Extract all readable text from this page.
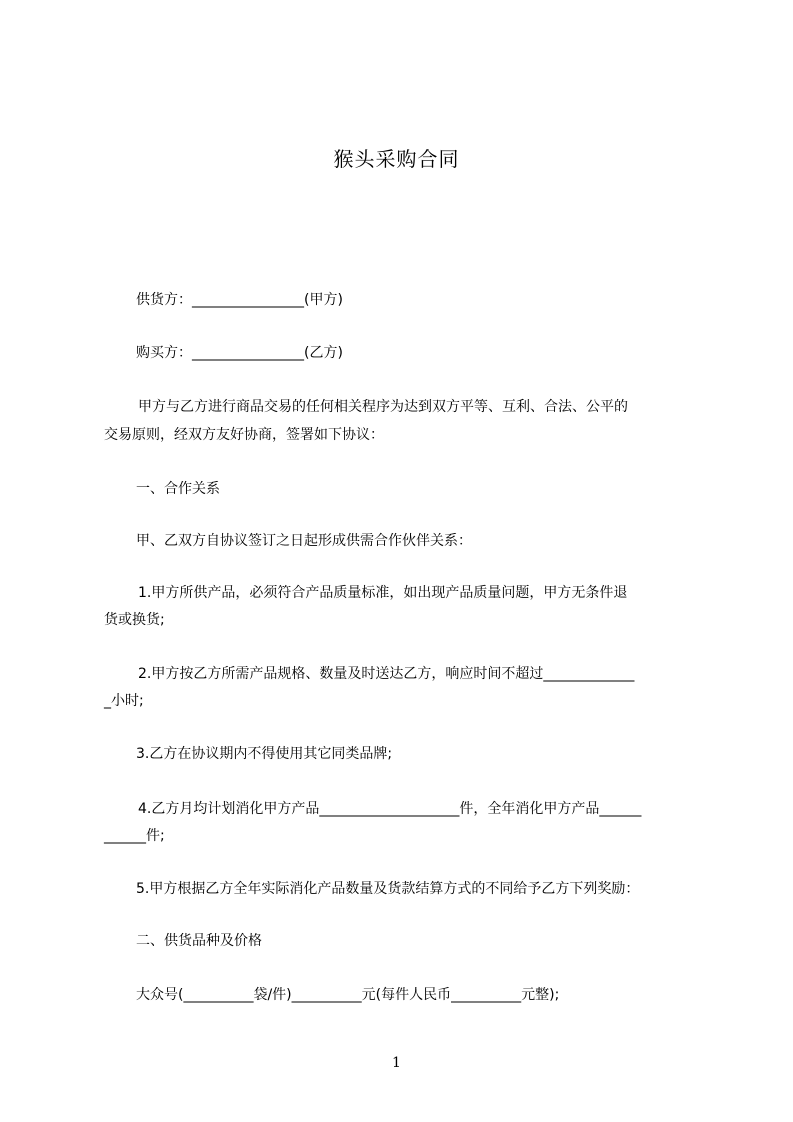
猴头采购合同
供货方：________________(甲方)
购买方：________________(乙方)
甲方与乙方进行商品交易的任何相关程序为达到双方平等、互利、合法、公平的
交易原则，经双方友好协商，签署如下协议：
一、合作关系
甲、乙双方自协议签订之日起形成供需合作伙伴关系：
1.甲方所供产品，必须符合产品质量标准，如出现产品质量问题，甲方无条件退
货或换货;
2.甲方按乙方所需产品规格、数量及时送达乙方，响应时间不超过_____________
_小时;
3.乙方在协议期内不得使用其它同类品牌;
4.乙方月均计划消化甲方产品____________________件，全年消化甲方产品______
______件;
5.甲方根据乙方全年实际消化产品数量及货款结算方式的不同给予乙方下列奖励：
二、供货品种及价格
大众号(__________袋/件)__________元(每件人民币__________元整);
1
